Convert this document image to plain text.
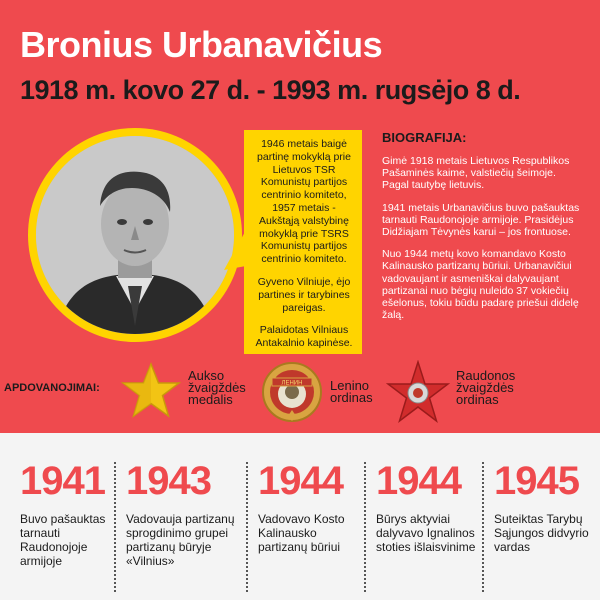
Bronius Urbanavičius
1918 m. kovo 27 d. - 1993 m. rugsėjo 8 d.

1946 metais baigė partinę mokyklą prie Lietuvos TSR Komunistų partijos centrinio komiteto, 1957 metais - Aukštąją valstybinę mokyklą prie TSRS Komunistų partijos centrinio komiteto.

Gyveno Vilniuje, ėjo partines ir tarybines pareigas.

Palaidotas Vilniaus Antakalnio kapinėse.

BIOGRAFIJA:

Gimė 1918 metais Lietuvos Respublikos Pašaminės kaime, valstiečių šeimoje. Pagal tautybę lietuvis.

1941 metais Urbanavičius buvo pašauktas tarnauti Raudonojoje armijoje. Prasidėjus Didžiajam Tėvynės karui – jos frontuose.

Nuo 1944 metų kovo komandavo Kosto Kalinausko partizanų būriui. Urbanavičiui vadovaujant ir asmeniškai dalyvaujant partizanai nuo bėgių nuleido 37 vokiečių ešelonus, tokiu būdu padarę priešui didelę žalą.

APDOVANOJIMAI:
Aukso žvaigždės medalis
ЛЕНИН Lenino ordinas
Raudonos žvaigždės ordinas
1941
Buvo pašauktas tarnauti Raudonojoje armijoje
1943
Vadovauja partizanų sprogdinimo grupei partizanų būryje «Vilnius»
1944
Vadovavo Kosto Kalinausko partizanų būriui
1944
Būrys aktyviai dalyvavo Ignalinos stoties išlaisvinime
1945
Suteiktas Tarybų Sąjungos didvyrio vardas
